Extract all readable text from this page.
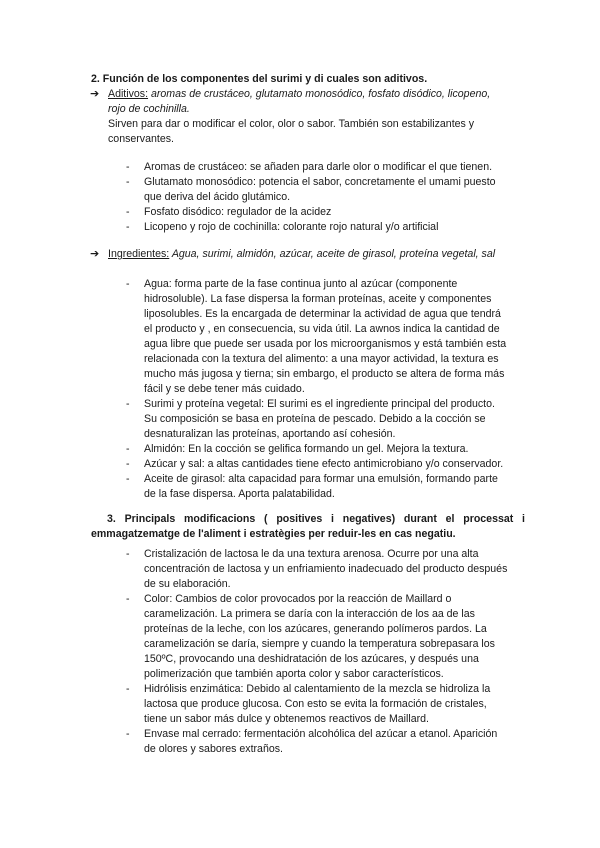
2. Función de los componentes del surimi y di cuales son aditivos.
➔ Aditivos: aromas de crustáceo, glutamato monosódico, fosfato disódico, licopeno,
rojo de cochinilla.
Sirven para dar o modificar el color, olor o sabor. También son estabilizantes y
conservantes.
- Aromas de crustáceo: se añaden para darle olor o modificar el que tienen.
- Glutamato monosódico: potencia el sabor, concretamente el umami puesto
que deriva del ácido glutámico.
- Fosfato disódico: regulador de la acidez
- Licopeno y rojo de cochinilla: colorante rojo natural y/o artificial
➔ Ingredientes: Agua, surimi, almidón, azúcar, aceite de girasol, proteína vegetal, sal
- Agua: forma parte de la fase continua junto al azúcar (componente
hidrosoluble). La fase dispersa la forman proteínas, aceite y componentes
liposolubles. Es la encargada de determinar la actividad de agua que tendrá
el producto y , en consecuencia, su vida útil. La awnos indica la cantidad de
agua libre que puede ser usada por los microorganismos y está también esta
relacionada con la textura del alimento: a una mayor actividad, la textura es
mucho más jugosa y tierna; sin embargo, el producto se altera de forma más
fácil y se debe tener más cuidado.
- Surimi y proteína vegetal: El surimi es el ingrediente principal del producto.
Su composición se basa en proteína de pescado. Debido a la cocción se
desnaturalizan las proteínas, aportando así cohesión.
- Almidón: En la cocción se gelifica formando un gel. Mejora la textura.
- Azúcar y sal: a altas cantidades tiene efecto antimicrobiano y/o conservador.
- Aceite de girasol: alta capacidad para formar una emulsión, formando parte
de la fase dispersa. Aporta palatabilidad.
3. Principals modificacions ( positives i negatives) durant el processat i
emmagatzematge de l'aliment i estratègies per reduir-les en cas negatiu.
- Cristalización de lactosa le da una textura arenosa. Ocurre por una alta
concentración de lactosa y un enfriamiento inadecuado del producto después
de su elaboración.
- Color: Cambios de color provocados por la reacción de Maillard o
caramelización. La primera se daría con la interacción de los aa de las
proteínas de la leche, con los azúcares, generando polímeros pardos. La
caramelización se daría, siempre y cuando la temperatura sobrepasara los
150ºC, provocando una deshidratación de los azúcares, y después una
polimerización que también aporta color y sabor característicos.
- Hidrólisis enzimática: Debido al calentamiento de la mezcla se hidroliza la
lactosa que produce glucosa. Con esto se evita la formación de cristales,
tiene un sabor más dulce y obtenemos reactivos de Maillard.
- Envase mal cerrado: fermentación alcohólica del azúcar a etanol. Aparición
de olores y sabores extraños.
